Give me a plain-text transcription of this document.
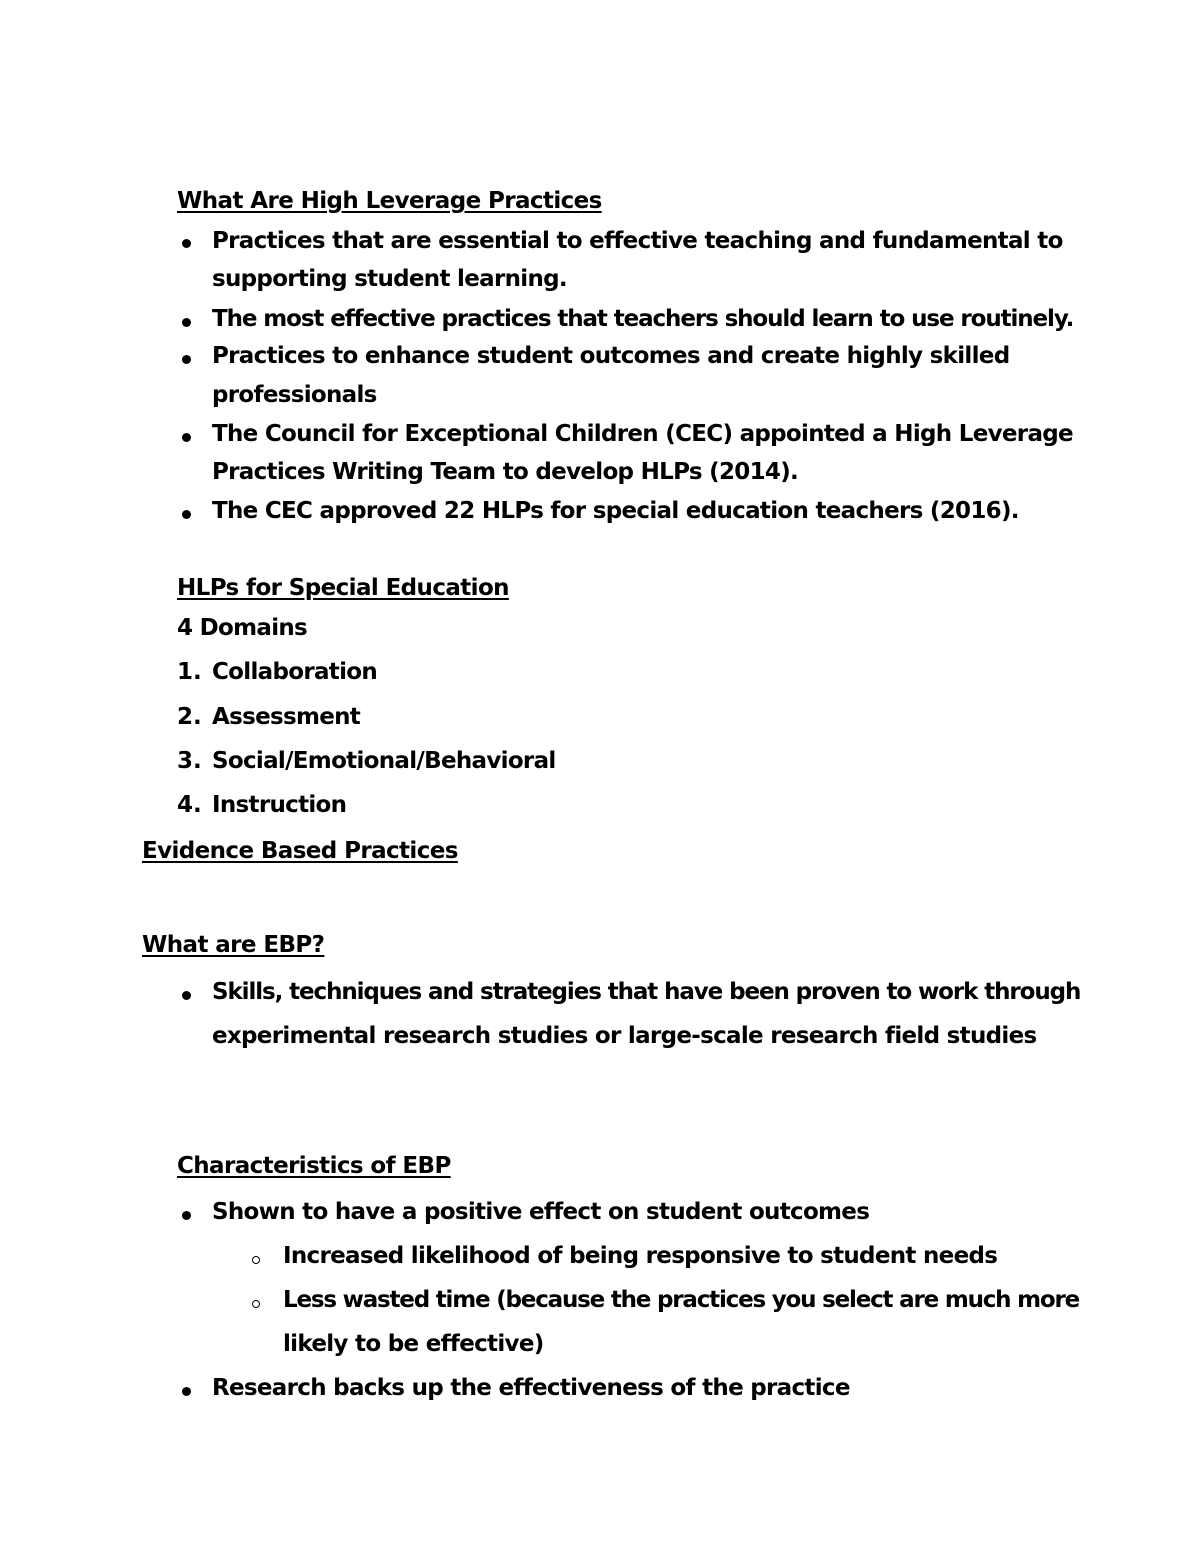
What Are High Leverage Practices
Practices that are essential to effective teaching and fundamental to
supporting student learning.
The most effective practices that teachers should learn to use routinely.
Practices to enhance student outcomes and create highly skilled
professionals
The Council for Exceptional Children (CEC) appointed a High Leverage
Practices Writing Team to develop HLPs (2014).
The CEC approved 22 HLPs for special education teachers (2016).
HLPs for Special Education
4 Domains
1. Collaboration
2. Assessment
3. Social/Emotional/Behavioral
4. Instruction
Evidence Based Practices
What are EBP?
Skills, techniques and strategies that have been proven to work through
experimental research studies or large-scale research field studies
Characteristics of EBP
Shown to have a positive effect on student outcomes
Increased likelihood of being responsive to student needs
Less wasted time (because the practices you select are much more
likely to be effective)
Research backs up the effectiveness of the practice
